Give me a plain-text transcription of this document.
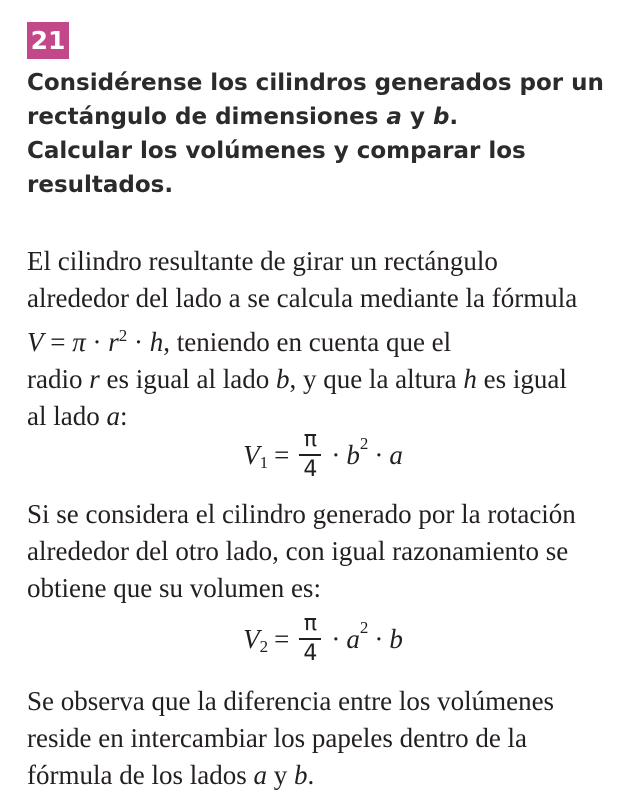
21
Considérense los cilindros generados por un
rectángulo de dimensiones a y b.
Calcular los volúmenes y comparar los
resultados.
El cilindro resultante de girar un rectángulo
alrededor del lado a se calcula mediante la fórmula
$V = \pi \cdot r^2 \cdot h$, teniendo en cuenta que el
radio r es igual al lado b, y que la altura h es igual
al lado a:
V $1 = \frac{\pi}{4} \cdot b$ 2 · a
Si se considera el cilindro generado por la rotación
alrededor del otro lado, con igual razonamiento se
obtiene que su volumen es:
V $2 = \frac{\pi}{4} \cdot a$ 2 · b
Se observa que la diferencia entre los volúmenes
reside en intercambiar los papeles dentro de la
fórmula de los lados a y b.
